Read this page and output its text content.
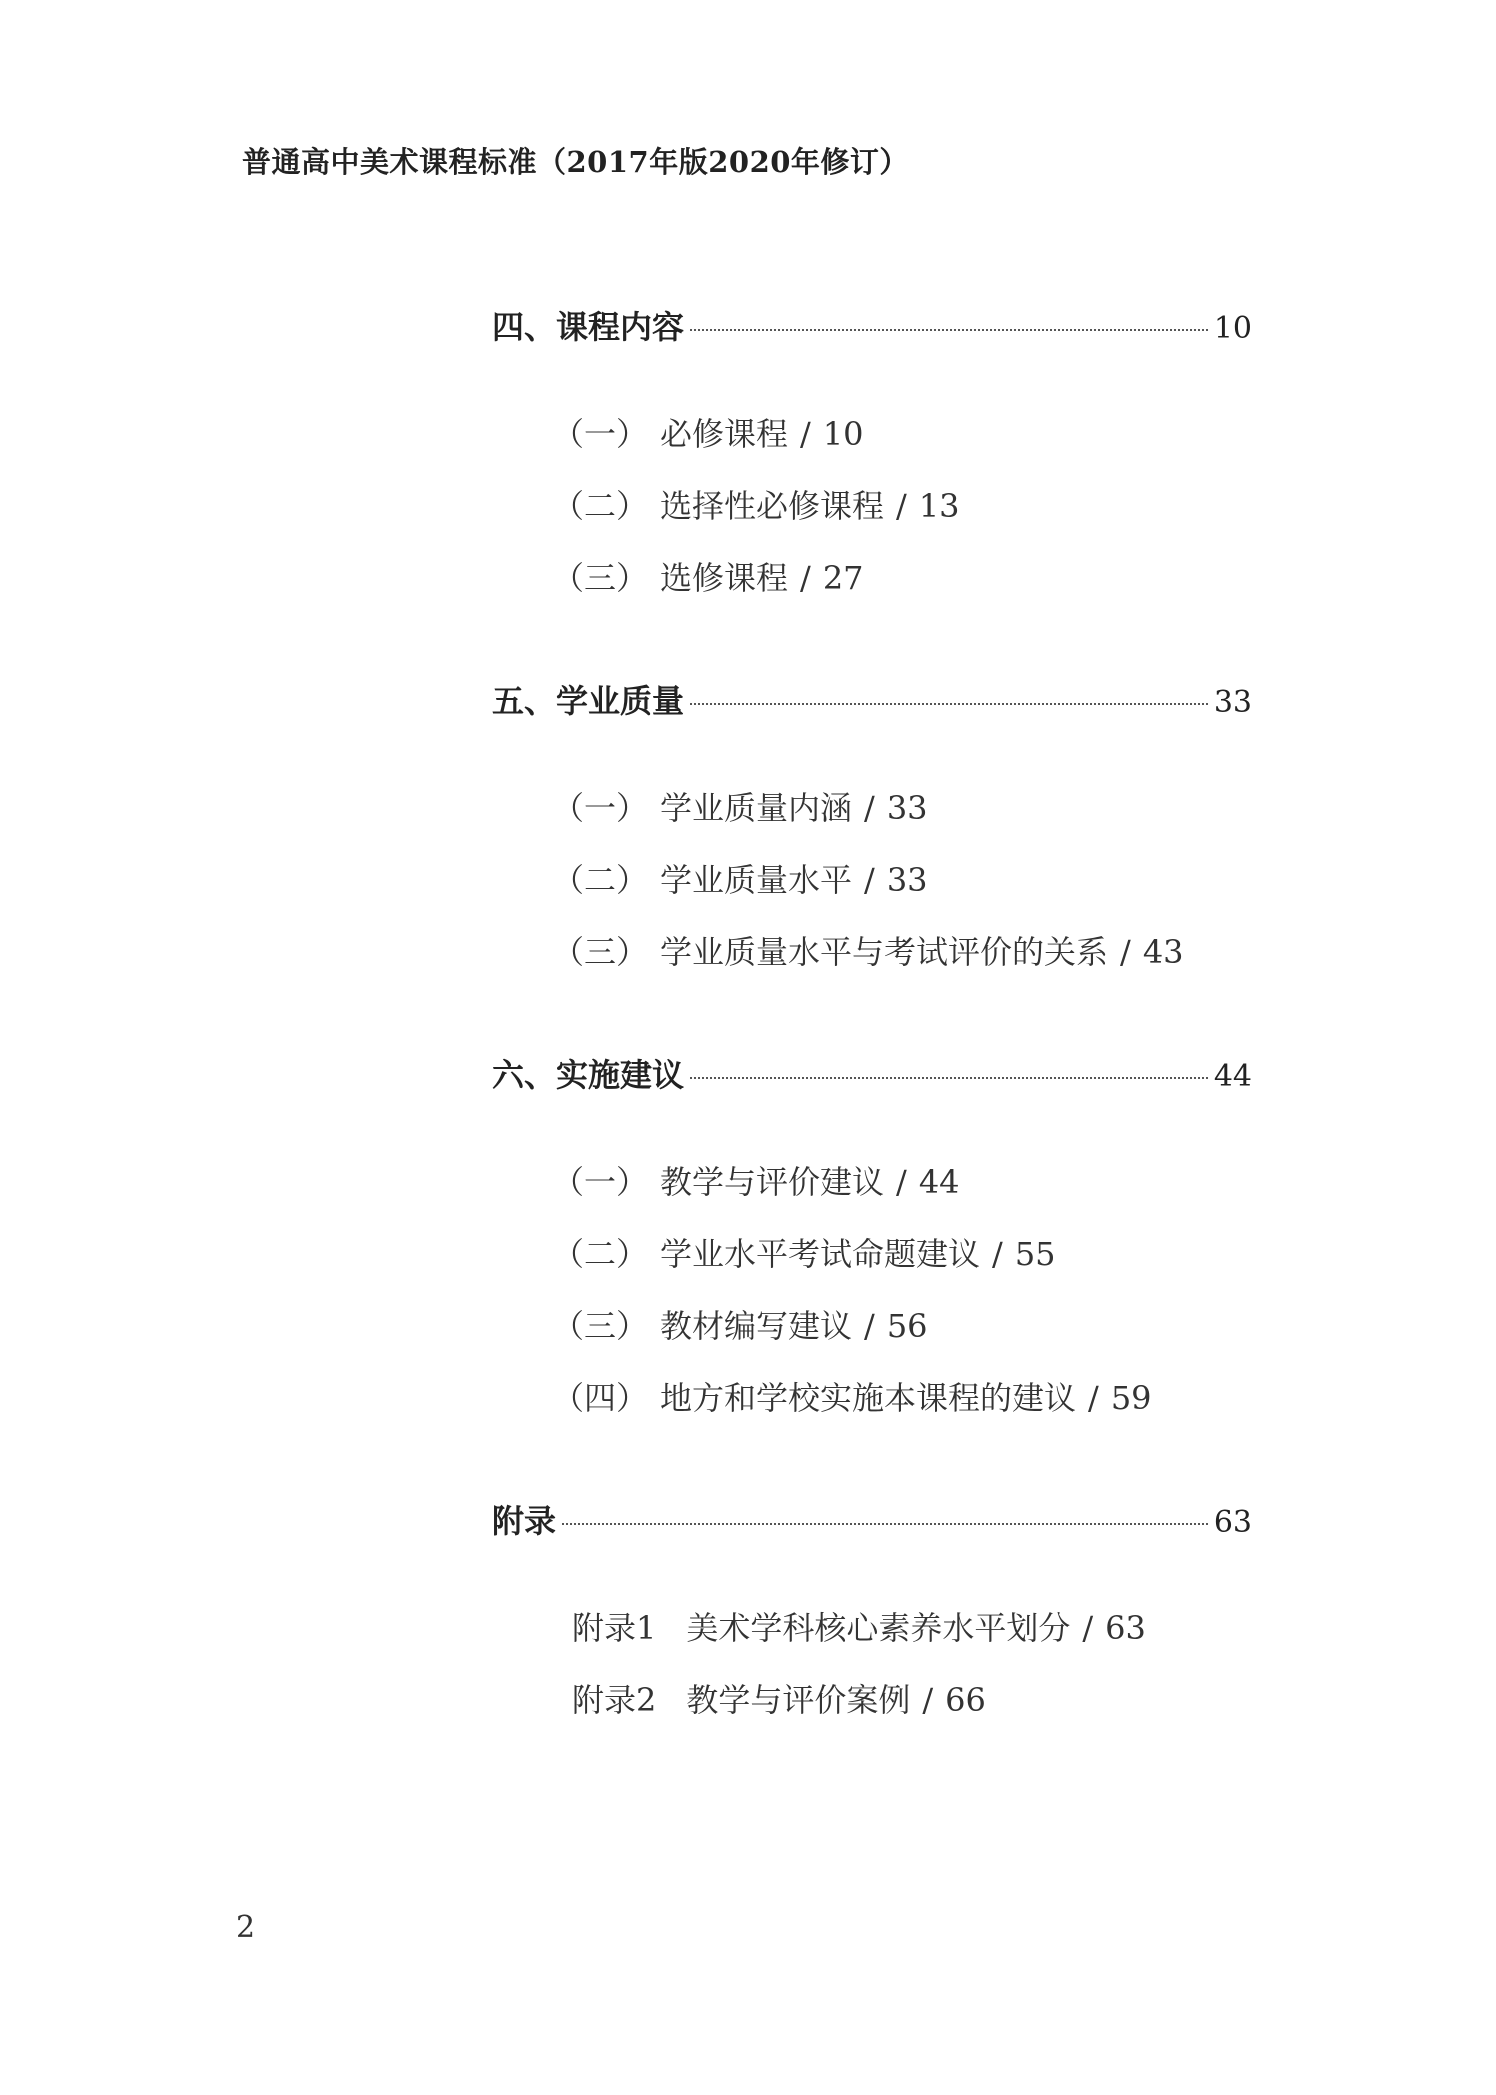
普通高中美术课程标准（2017年版2020年修订）
四、课程内容	10
（一） 必修课程 / 10
（二） 选择性必修课程 / 13
（三） 选修课程 / 27
五、学业质量	33
（一） 学业质量内涵 / 33
（二） 学业质量水平 / 33
（三） 学业质量水平与考试评价的关系 / 43
六、实施建议	44
（一） 教学与评价建议 / 44
（二） 学业水平考试命题建议 / 55
（三） 教材编写建议 / 56
（四） 地方和学校实施本课程的建议 / 59
附录	63
附录1 美术学科核心素养水平划分 / 63
附录2 教学与评价案例 / 66
2
